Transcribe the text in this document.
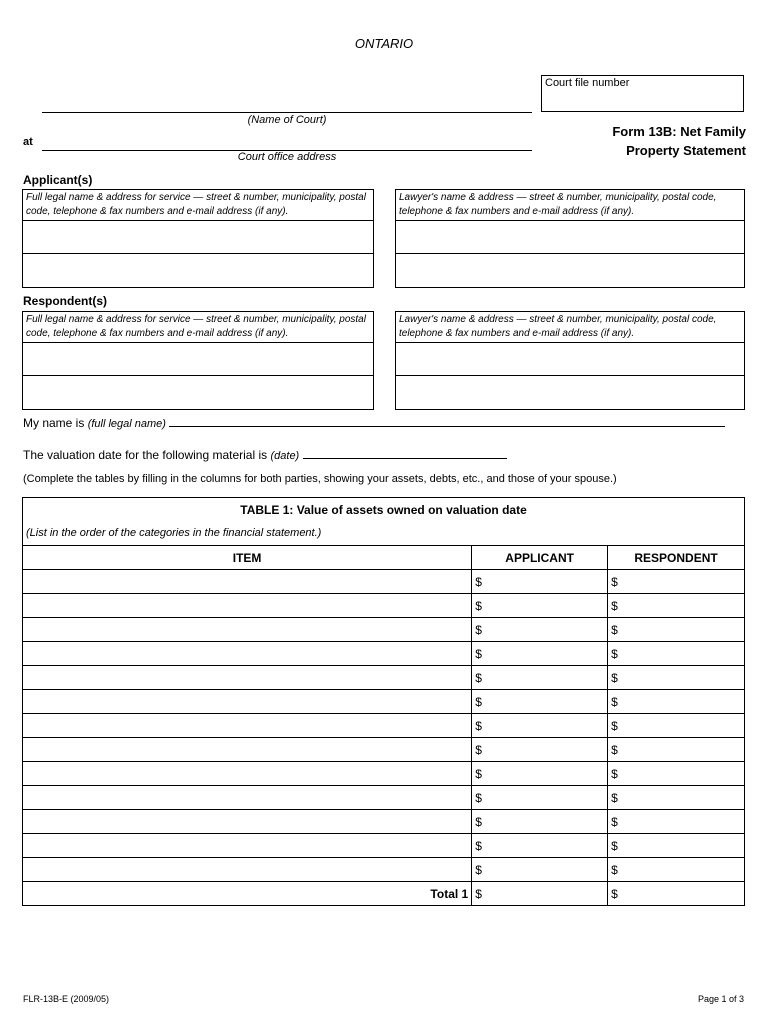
ONTARIO
Court file number
(Name of Court)
at
Court office address
Form 13B: Net Family
Property Statement
Applicant(s)
Full legal name & address for service — street & number, municipality, postal code, telephone & fax numbers and e-mail address (if any).
Lawyer's name & address — street & number, municipality, postal code, telephone & fax numbers and e-mail address (if any).
Respondent(s)
Full legal name & address for service — street & number, municipality, postal code, telephone & fax numbers and e-mail address (if any).
Lawyer's name & address — street & number, municipality, postal code, telephone & fax numbers and e-mail address (if any).
My name is (full legal name)
The valuation date for the following material is (date)
(Complete the tables by filling in the columns for both parties, showing your assets, debts, etc., and those of your spouse.)
TABLE 1: Value of assets owned on valuation date		
(List in the order of the categories in the financial statement.)		
ITEM	APPLICANT	RESPONDENT
	$	$
	$	$
	$	$
	$	$
	$	$
	$	$
	$	$
	$	$
	$	$
	$	$
	$	$
	$	$
	$	$
Total 1	$	$
FLR-13B-E (2009/05)	Page 1 of 3
